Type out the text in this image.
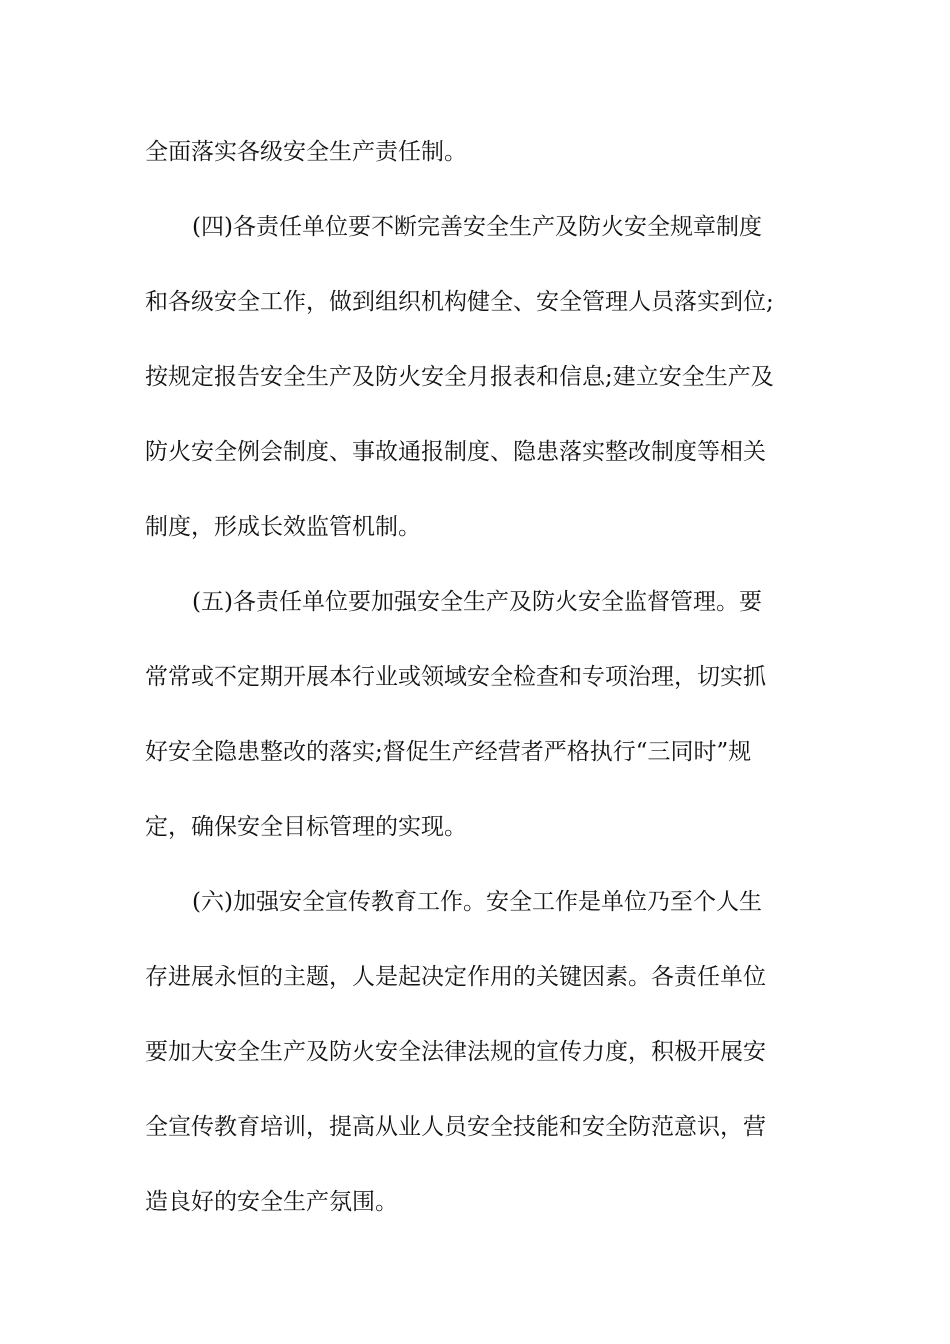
全面落实各级安全生产责任制。
(四)各责任单位要不断完善安全生产及防火安全规章制度
和各级安全工作，做到组织机构健全、安全管理人员落实到位;
按规定报告安全生产及防火安全月报表和信息;建立安全生产及
防火安全例会制度、事故通报制度、隐患落实整改制度等相关
制度，形成长效监管机制。
(五)各责任单位要加强安全生产及防火安全监督管理。要
常常或不定期开展本行业或领域安全检查和专项治理，切实抓
好安全隐患整改的落实;督促生产经营者严格执行“三同时”规
定，确保安全目标管理的实现。
(六)加强安全宣传教育工作。安全工作是单位乃至个人生
存进展永恒的主题，人是起决定作用的关键因素。各责任单位
要加大安全生产及防火安全法律法规的宣传力度，积极开展安
全宣传教育培训，提高从业人员安全技能和安全防范意识，营
造良好的安全生产氛围。
